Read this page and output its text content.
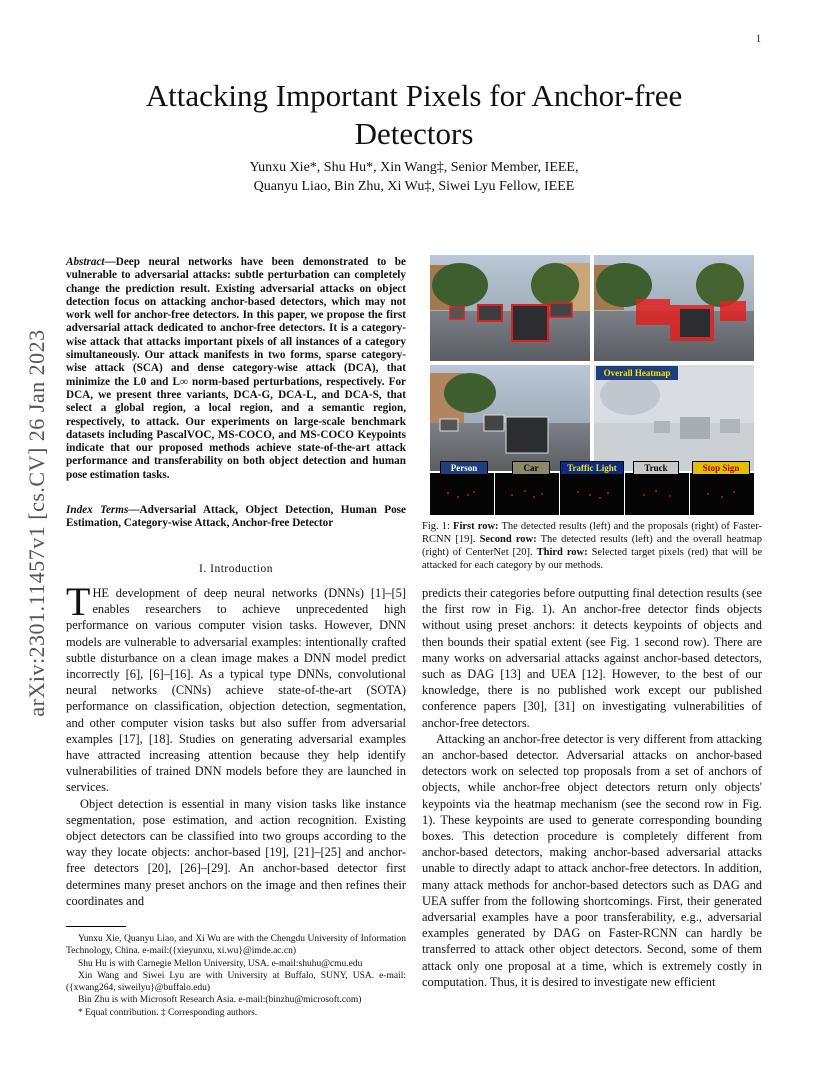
1
arXiv:2301.11457v1 [cs.CV] 26 Jan 2023
Attacking Important Pixels for Anchor-free
Detectors
Yunxu Xie*, Shu Hu*, Xin Wang‡, Senior Member, IEEE,
Quanyu Liao, Bin Zhu, Xi Wu‡, Siwei Lyu Fellow, IEEE
Abstract—Deep neural networks have been demonstrated to be vulnerable to adversarial attacks: subtle perturbation can completely change the prediction result. Existing adversarial attacks on object detection focus on attacking anchor-based detectors, which may not work well for anchor-free detectors. In this paper, we propose the first adversarial attack dedicated to anchor-free detectors. It is a category-wise attack that attacks important pixels of all instances of a category simultaneously. Our attack manifests in two forms, sparse category-wise attack (SCA) and dense category-wise attack (DCA), that minimize the L0 and L∞ norm-based perturbations, respectively. For DCA, we present three variants, DCA-G, DCA-L, and DCA-S, that select a global region, a local region, and a semantic region, respectively, to attack. Our experiments on large-scale benchmark datasets including PascalVOC, MS-COCO, and MS-COCO Keypoints indicate that our proposed methods achieve state-of-the-art attack performance and transferability on both object detection and human pose estimation tasks.
Index Terms—Adversarial Attack, Object Detection, Human Pose Estimation, Category-wise Attack, Anchor-free Detector
I. Introduction

THE development of deep neural networks (DNNs) [1]–[5] enables researchers to achieve unprecedented high performance on various computer vision tasks. However, DNN models are vulnerable to adversarial examples: intentionally crafted subtle disturbance on a clean image makes a DNN model predict incorrectly [6], [6]–[16]. As a typical type DNNs, convolutional neural networks (CNNs) achieve state-of-the-art (SOTA) performance on classification, objection detection, segmentation, and other computer vision tasks but also suffer from adversarial examples [17], [18]. Studies on generating adversarial examples have attracted increasing attention because they help identify vulnerabilities of trained DNN models before they are launched in services.

Object detection is essential in many vision tasks like instance segmentation, pose estimation, and action recognition. Existing object detectors can be classified into two groups according to the way they locate objects: anchor-based [19], [21]–[25] and anchor-free detectors [20], [26]–[29]. An anchor-based detector first determines many preset anchors on the image and then refines their coordinates and

Yunxu Xie, Quanyu Liao, and Xi Wu are with the Chengdu University of Information Technology, China. e-mail:({xieyunxu, xi.wu}@imde.ac.cn)

Shu Hu is with Carnegie Mellon University, USA. e-mail:shuhu@cmu.edu

Xin Wang and Siwei Lyu are with University at Buffalo, SUNY, USA. e-mail:({xwang264, siweilyu}@buffalo.edu)

Bin Zhu is with Microsoft Research Asia. e-mail:(binzhu@microsoft.com)

* Equal contribution. ‡ Corresponding authors.

Overall Heatmap
Person	Car	Traffic Light	Truck	Stop Sign
Fig. 1: First row: The detected results (left) and the proposals (right) of Faster-RCNN [19]. Second row: The detected results (left) and the overall heatmap (right) of CenterNet [20]. Third row: Selected target pixels (red) that will be attacked for each category by our methods.

predicts their categories before outputting final detection results (see the first row in Fig. 1). An anchor-free detector finds objects without using preset anchors: it detects keypoints of objects and then bounds their spatial extent (see Fig. 1 second row). There are many works on adversarial attacks against anchor-based detectors, such as DAG [13] and UEA [12]. However, to the best of our knowledge, there is no published work except our published conference papers [30], [31] on investigating vulnerabilities of anchor-free detectors.

Attacking an anchor-free detector is very different from attacking an anchor-based detector. Adversarial attacks on anchor-based detectors work on selected top proposals from a set of anchors of objects, while anchor-free object detectors return only objects' keypoints via the heatmap mechanism (see the second row in Fig. 1). These keypoints are used to generate corresponding bounding boxes. This detection procedure is completely different from anchor-based detectors, making anchor-based adversarial attacks unable to directly adapt to attack anchor-free detectors. In addition, many attack methods for anchor-based detectors such as DAG and UEA suffer from the following shortcomings. First, their generated adversarial examples have a poor transferability, e.g., adversarial examples generated by DAG on Faster-RCNN can hardly be transferred to attack other object detectors. Second, some of them attack only one proposal at a time, which is extremely costly in computation. Thus, it is desired to investigate new efficient
